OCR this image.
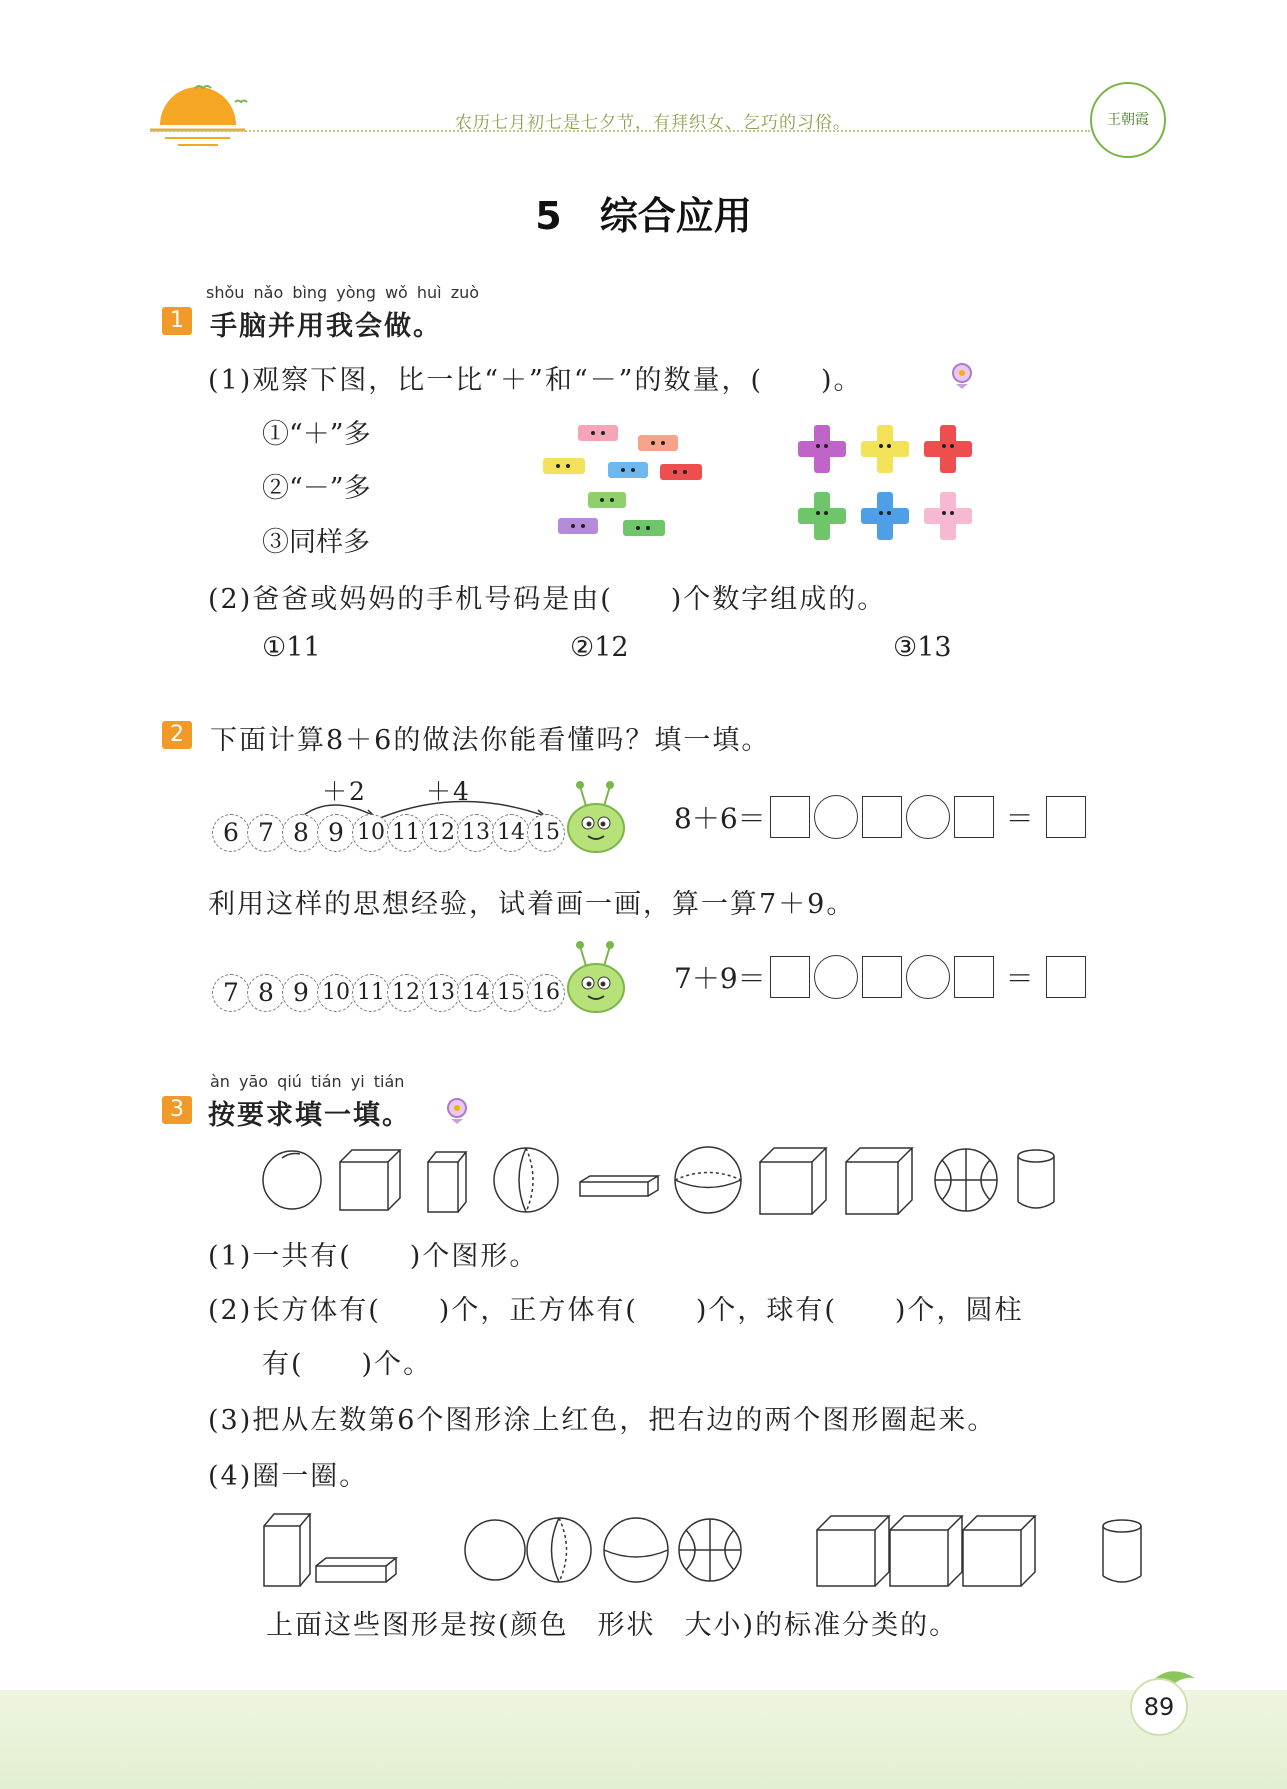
农历七月初七是七夕节，有拜织女、乞巧的习俗。	王朝霞
5　综合应用
shǒu nǎo bìng yòng wǒ huì zuò
1 手脑并用我会做。
(1)观察下图，比一比“＋”和“－”的数量，(　　)。
①“＋”多
②“－”多
③同样多
(2)爸爸或妈妈的手机号码是由(　　)个数字组成的。
①11	②12	③13
2 下面计算8＋6的做法你能看懂吗？填一填。
＋2 ＋4
6 7 8 9 10 11 12 13 14 15	8＋6＝	＝
利用这样的思想经验，试着画一画，算一算7＋9。
7 8 9 10 11 12 13 14 15 16	7＋9＝	＝
àn yāo qiú tián yi tián
3 按要求填一填。
(1)一共有(　　)个图形。
(2)长方体有(　　)个，正方体有(　　)个，球有(　　)个，圆柱
有(　　)个。
(3)把从左数第6个图形涂上红色，把右边的两个图形圈起来。
(4)圈一圈。
上面这些图形是按(颜色　形状　大小)的标准分类的。
89
